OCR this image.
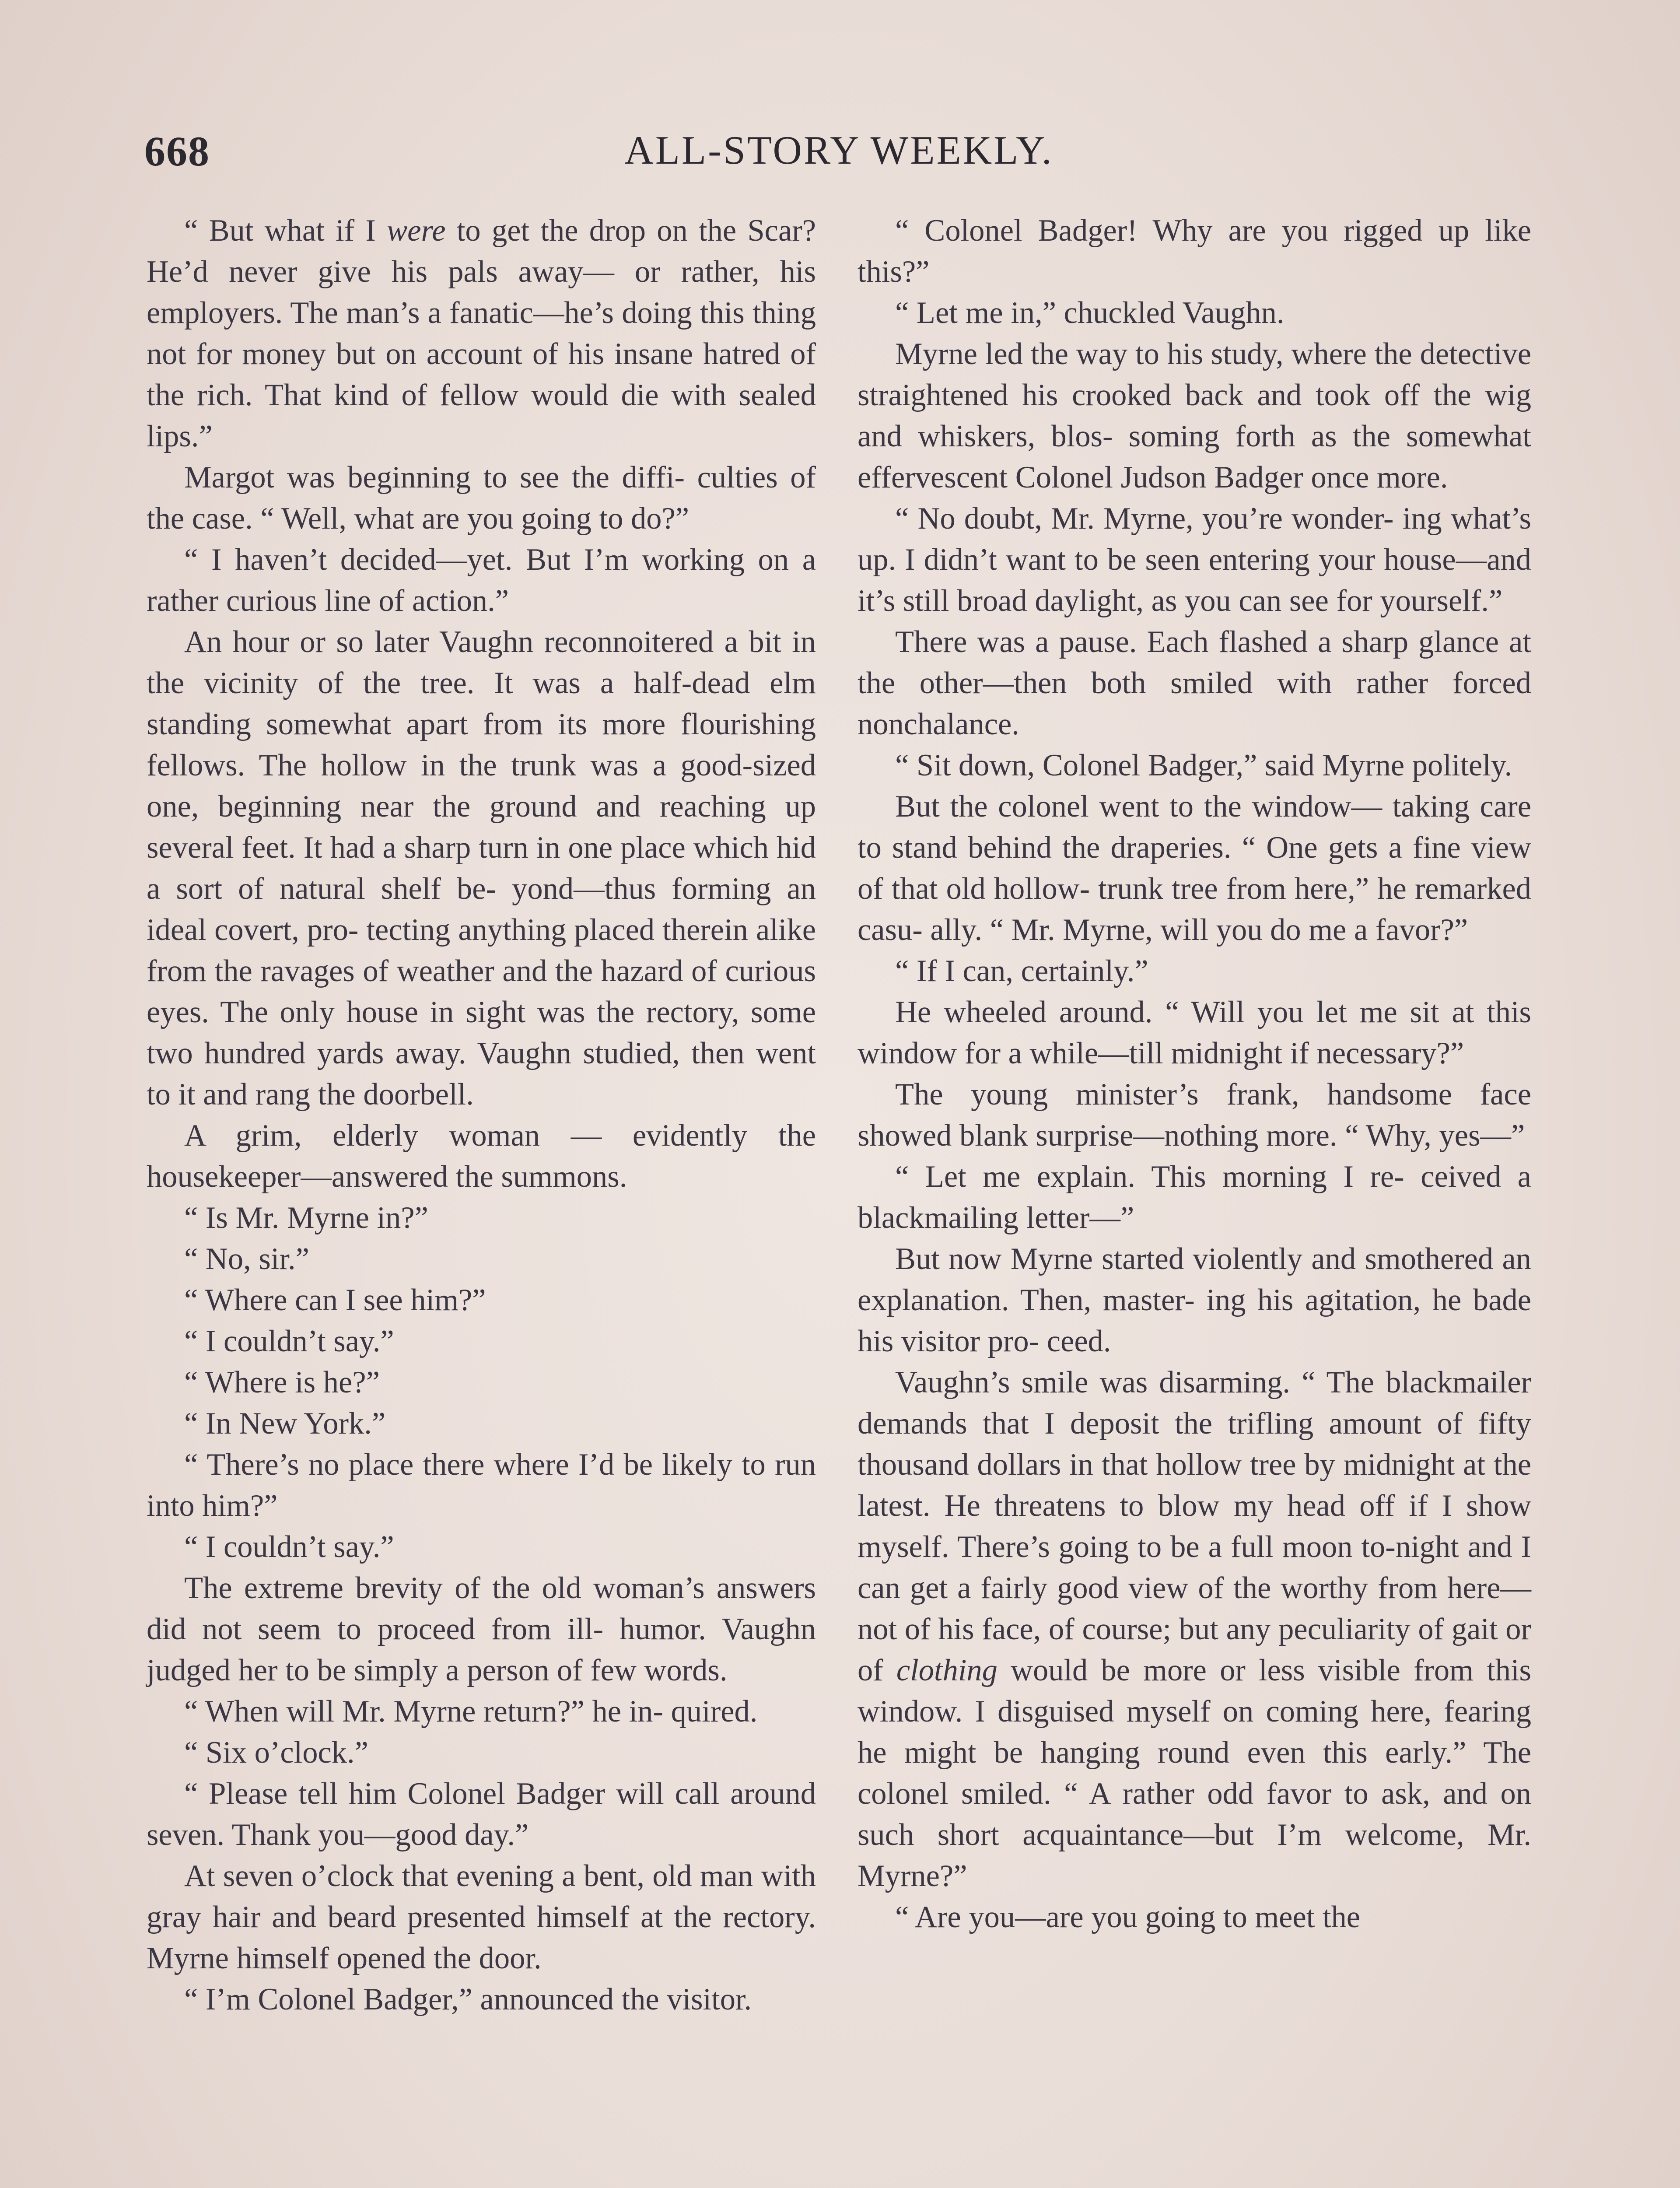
668	ALL-STORY WEEKLY.

“ But what if I were to get the drop on the Scar? He’d never give his pals away— or rather, his employers. The man’s a fanatic—he’s doing this thing not for money but on account of his insane hatred of the rich. That kind of fellow would die with sealed lips.”

Margot was beginning to see the diffi- culties of the case. “ Well, what are you going to do?”

“ I haven’t decided—yet. But I’m working on a rather curious line of action.”

An hour or so later Vaughn reconnoitered a bit in the vicinity of the tree. It was a half-dead elm standing somewhat apart from its more flourishing fellows. The hollow in the trunk was a good-sized one, beginning near the ground and reaching up several feet. It had a sharp turn in one place which hid a sort of natural shelf be- yond—thus forming an ideal covert, pro- tecting anything placed therein alike from the ravages of weather and the hazard of curious eyes. The only house in sight was the rectory, some two hundred yards away. Vaughn studied, then went to it and rang the doorbell.

A grim, elderly woman — evidently the housekeeper—answered the summons.

“ Is Mr. Myrne in?”

“ No, sir.”

“ Where can I see him?”

“ I couldn’t say.”

“ Where is he?”

“ In New York.”

“ There’s no place there where I’d be likely to run into him?”

“ I couldn’t say.”

The extreme brevity of the old woman’s answers did not seem to proceed from ill- humor. Vaughn judged her to be simply a person of few words.

“ When will Mr. Myrne return?” he in- quired.

“ Six o’clock.”

“ Please tell him Colonel Badger will call around seven. Thank you—good day.”

At seven o’clock that evening a bent, old man with gray hair and beard presented himself at the rectory. Myrne himself opened the door.

“ I’m Colonel Badger,” announced the visitor.

“ Colonel Badger! Why are you rigged up like this?”

“ Let me in,” chuckled Vaughn.

Myrne led the way to his study, where the detective straightened his crooked back and took off the wig and whiskers, blos- soming forth as the somewhat effervescent Colonel Judson Badger once more.

“ No doubt, Mr. Myrne, you’re wonder- ing what’s up. I didn’t want to be seen entering your house—and it’s still broad daylight, as you can see for yourself.”

There was a pause. Each flashed a sharp glance at the other—then both smiled with rather forced nonchalance.

“ Sit down, Colonel Badger,” said Myrne politely.

But the colonel went to the window— taking care to stand behind the draperies. “ One gets a fine view of that old hollow- trunk tree from here,” he remarked casu- ally. “ Mr. Myrne, will you do me a favor?”

“ If I can, certainly.”

He wheeled around. “ Will you let me sit at this window for a while—till midnight if necessary?”

The young minister’s frank, handsome face showed blank surprise—nothing more. “ Why, yes—”

“ Let me explain. This morning I re- ceived a blackmailing letter—”

But now Myrne started violently and smothered an explanation. Then, master- ing his agitation, he bade his visitor pro- ceed.

Vaughn’s smile was disarming. “ The blackmailer demands that I deposit the trifling amount of fifty thousand dollars in that hollow tree by midnight at the latest. He threatens to blow my head off if I show myself. There’s going to be a full moon to-night and I can get a fairly good view of the worthy from here—not of his face, of course; but any peculiarity of gait or of clothing would be more or less visible from this window. I disguised myself on coming here, fearing he might be hanging round even this early.” The colonel smiled. “ A rather odd favor to ask, and on such short acquaintance—but I’m welcome, Mr. Myrne?”

“ Are you—are you going to meet the
